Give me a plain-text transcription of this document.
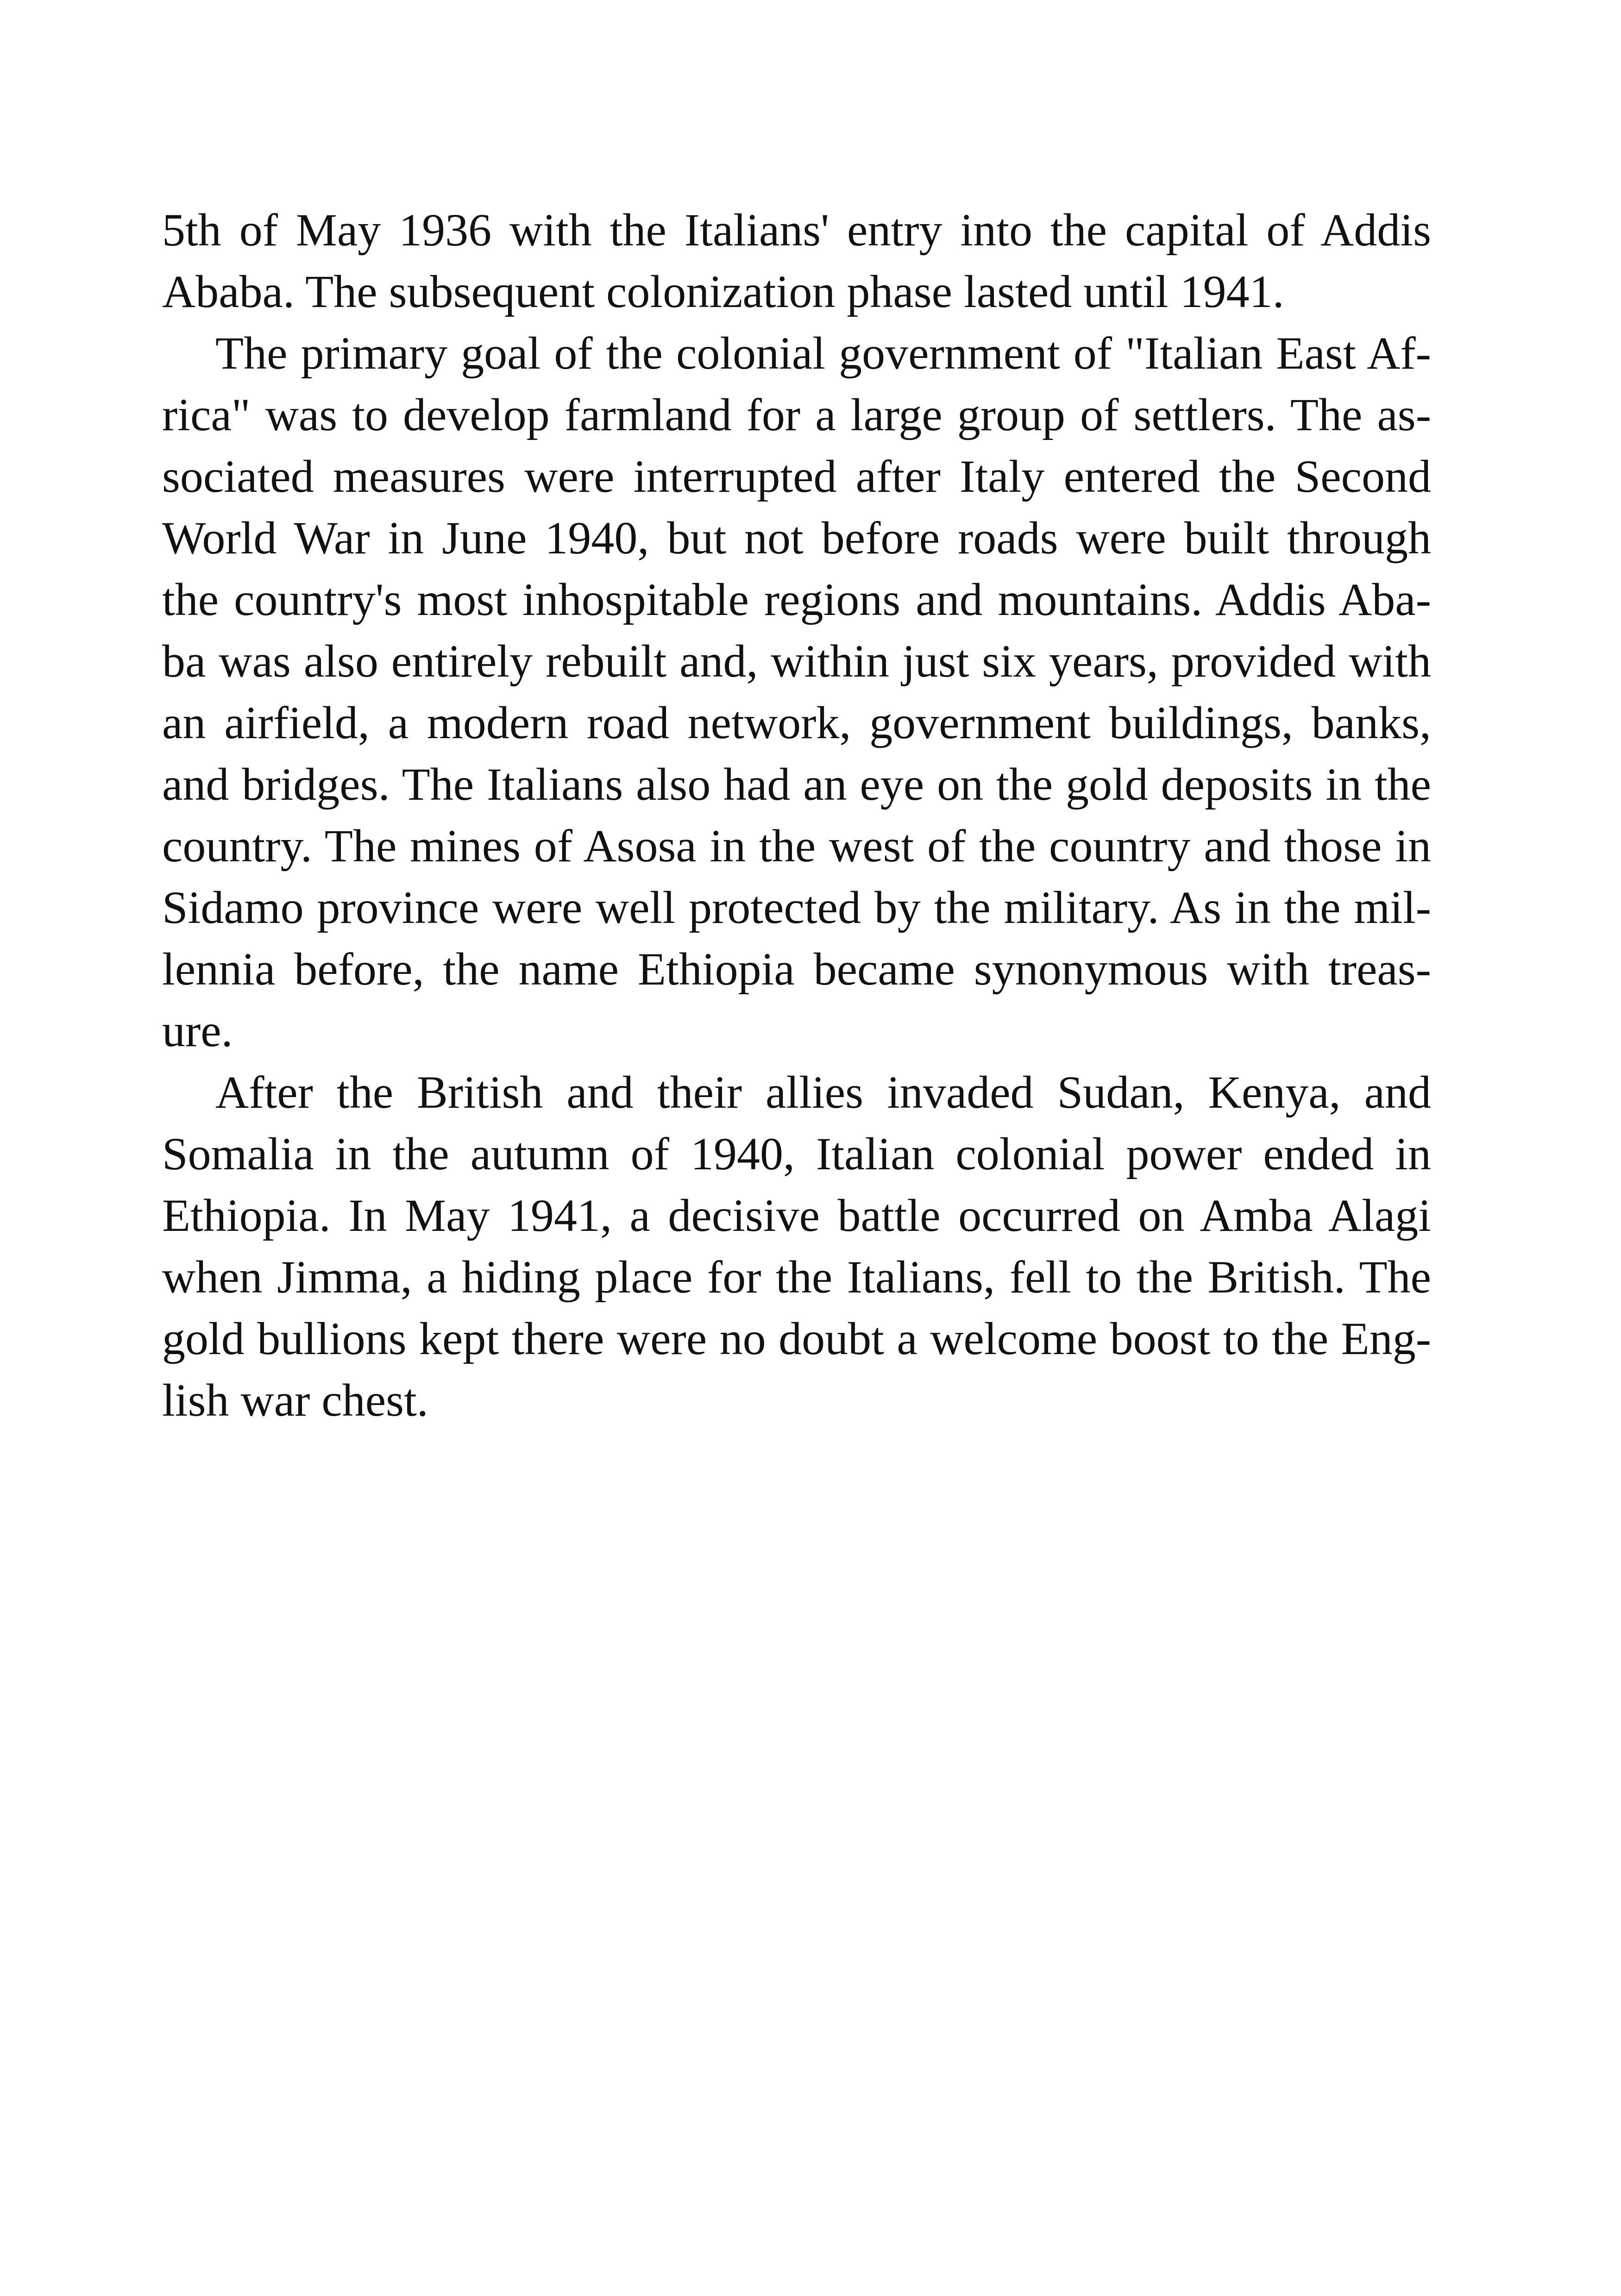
5th of May 1936 with the Italians' entry into the capital of Addis
Ababa. The subsequent colonization phase lasted until 1941.
The primary goal of the colonial government of "Italian East Af-
rica" was to develop farmland for a large group of settlers. The as-
sociated measures were interrupted after Italy entered the Second
World War in June 1940, but not before roads were built through
the country's most inhospitable regions and mountains. Addis Aba-
ba was also entirely rebuilt and, within just six years, provided with
an airfield, a modern road network, government buildings, banks,
and bridges. The Italians also had an eye on the gold deposits in the
country. The mines of Asosa in the west of the country and those in
Sidamo province were well protected by the military. As in the mil-
lennia before, the name Ethiopia became synonymous with treas-
ure.
After the British and their allies invaded Sudan, Kenya, and
Somalia in the autumn of 1940, Italian colonial power ended in
Ethiopia. In May 1941, a decisive battle occurred on Amba Alagi
when Jimma, a hiding place for the Italians, fell to the British. The
gold bullions kept there were no doubt a welcome boost to the Eng-
lish war chest.
